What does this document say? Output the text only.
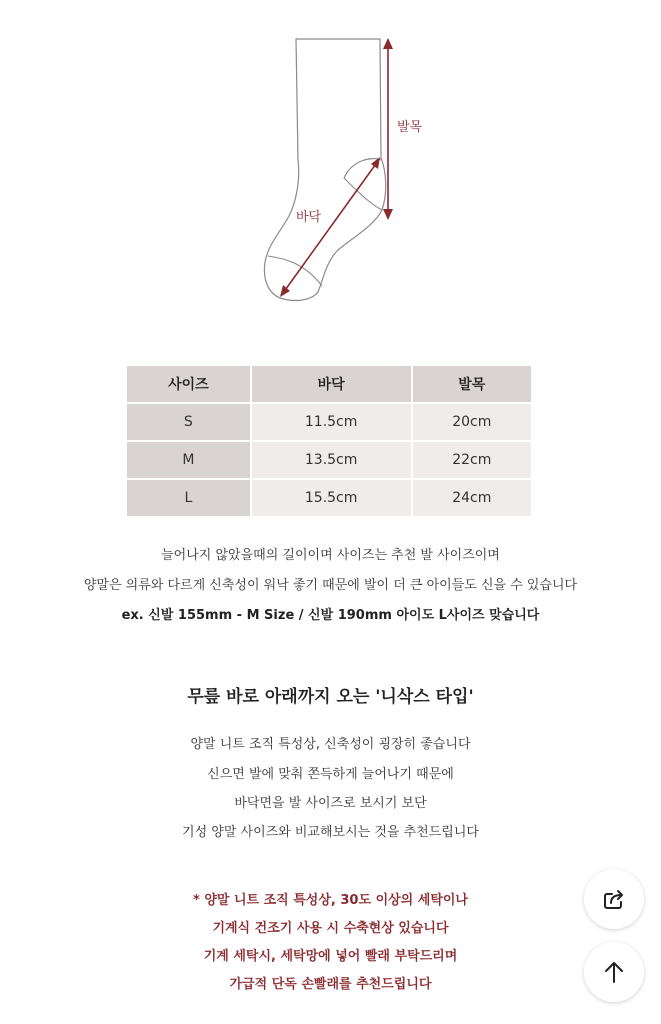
발목
바닥
사이즈	바닥	발목
S	11.5cm	20cm
M	13.5cm	22cm
L	15.5cm	24cm
늘어나지 않았을때의 길이이며 사이즈는 추천 발 사이즈이며
양말은 의류와 다르게 신축성이 워낙 좋기 때문에 발이 더 큰 아이들도 신을 수 있습니다
ex. 신발 155mm - M Size / 신발 190mm 아이도 L사이즈 맞습니다
무릎 바로 아래까지 오는 '니삭스 타입'
양말 니트 조직 특성상, 신축성이 굉장히 좋습니다
신으면 발에 맞춰 쫀득하게 늘어나기 때문에
바닥면을 발 사이즈로 보시기 보단
기성 양말 사이즈와 비교해보시는 것을 추천드립니다
* 양말 니트 조직 특성상, 30도 이상의 세탁이나
기계식 건조기 사용 시 수축현상 있습니다
기계 세탁시, 세탁망에 넣어 빨래 부탁드리며
가급적 단독 손빨래를 추천드립니다
